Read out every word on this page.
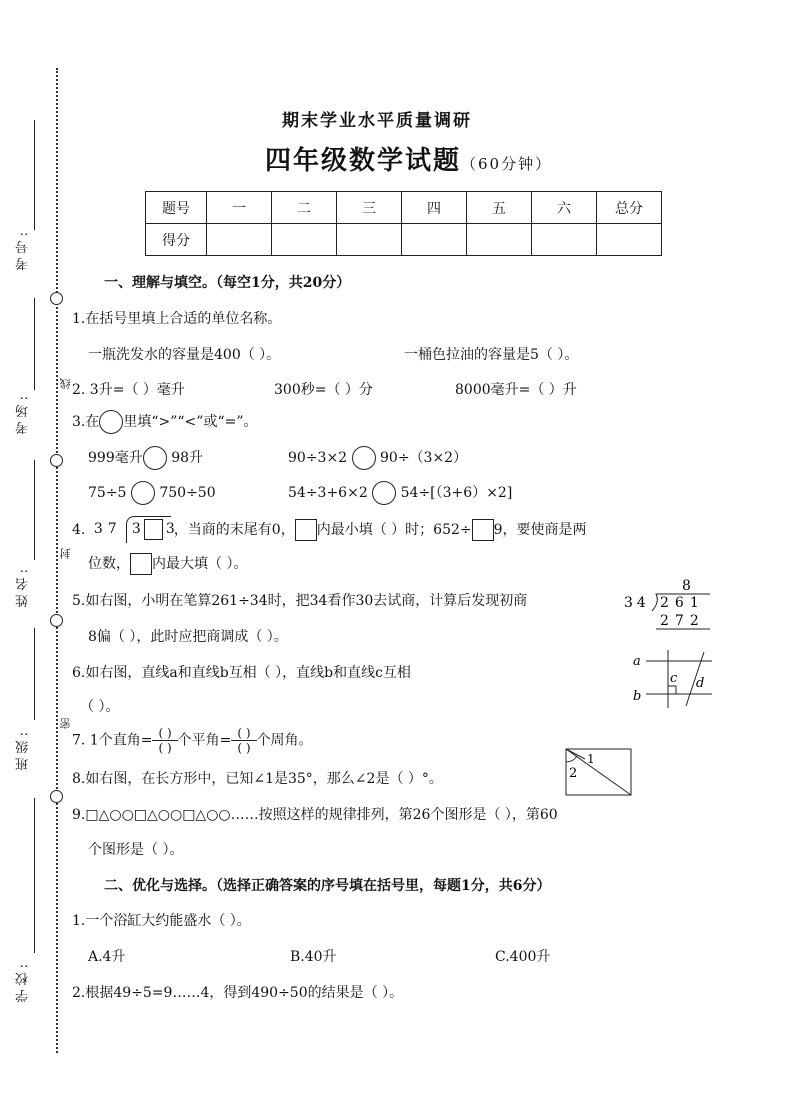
考号:
考场:
姓名:
班级:
学校:
线
封
密
期末学业水平质量调研
四年级数学试题（60分钟）
题号	一	二	三	四	五	六	总分
得分							
一、理解与填空。（每空1分，共20分）
1.在括号里填上合适的单位名称。
一瓶洗发水的容量是400（ ）。	一桶色拉油的容量是5（ ）。
2. 3升=（ ）毫升	300秒=（ ）分	8000毫升=（ ）升
3.在 里填“>”“<”或“=”。
999毫升 98升	90÷3×2 90÷（3×2）
75÷5 750÷50	54÷3+6×2 54÷[（3+6）×2]
4. 37 3 3 ，当商的末尾有0， 内最小填（ ）时；652÷ 9，要使商是两
位数， 内最大填（ ）。
5.如右图，小明在笔算261÷34时，把34看作30去试商，计算后发现初商
8偏（ ），此时应把商调成（ ）。
8
34 261
272
6.如右图，直线a和直线b互相（ ），直线b和直线c互相
（ ）。
a
b
c d
7. 1个直角= $\frac{( )}{( )}$ 个平角= $\frac{( )}{( )}$ 个周角。
8.如右图，在长方形中，已知∠1是35°，那么∠2是（ ）°。
1
2
9.□△○○□△○○□△○○……按照这样的规律排列，第26个图形是（ ），第60
个图形是（ ）。
二、优化与选择。（选择正确答案的序号填在括号里，每题1分，共6分）
1.一个浴缸大约能盛水（ ）。
A.4升	B.40升	C.400升
2.根据49÷5=9……4，得到490÷50的结果是（ ）。
